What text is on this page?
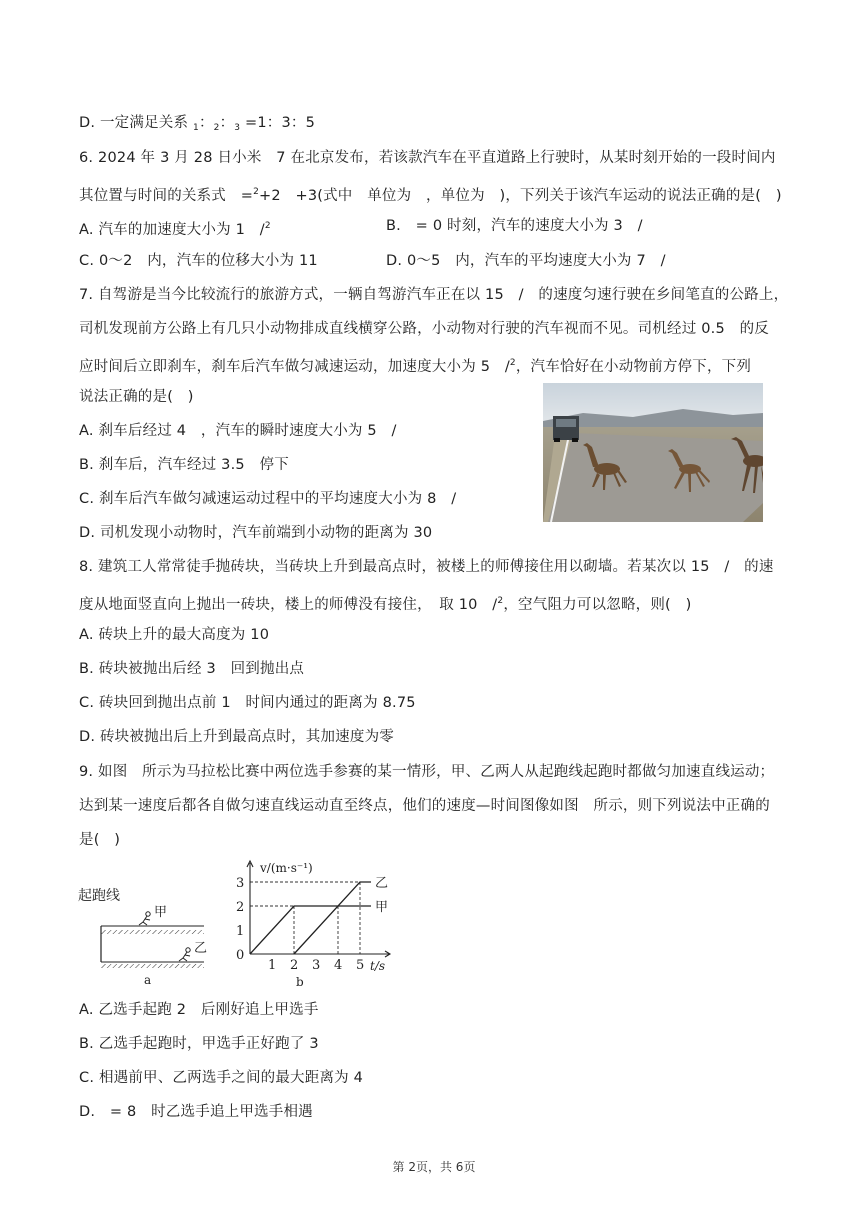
D. 一定满足关系 $_1$：$_2$：$_3$ =1：3：5
6. 2024 年 3 月 28 日小米　7 在北京发布，若该款汽车在平直道路上行驶时，从某时刻开始的一段时间内
其位置与时间的关系式　=$^2$+2　+3(式中　单位为　，单位为　)，下列关于该汽车运动的说法正确的是(　)
A. 汽车的加速度大小为 1　/$^2$	B.　= 0 时刻，汽车的速度大小为 3　/
C. 0～2　内，汽车的位移大小为 11	D. 0～5　内，汽车的平均速度大小为 7　/
7. 自驾游是当今比较流行的旅游方式，一辆自驾游汽车正在以 15　/　的速度匀速行驶在乡间笔直的公路上，
司机发现前方公路上有几只小动物排成直线横穿公路，小动物对行驶的汽车视而不见。司机经过 0.5　的反
应时间后立即刹车，刹车后汽车做匀减速运动，加速度大小为 5　/$^2$，汽车恰好在小动物前方停下，下列
说法正确的是(　)
A. 刹车后经过 4　，汽车的瞬时速度大小为 5　/
B. 刹车后，汽车经过 3.5　停下
C. 刹车后汽车做匀减速运动过程中的平均速度大小为 8　/
D. 司机发现小动物时，汽车前端到小动物的距离为 30
8. 建筑工人常常徒手抛砖块，当砖块上升到最高点时，被楼上的师傅接住用以砌墙。若某次以 15　/　的速
度从地面竖直向上抛出一砖块，楼上的师傅没有接住，　取 10　/$^2$，空气阻力可以忽略，则(　)
A. 砖块上升的最大高度为 10
B. 砖块被抛出后经 3　回到抛出点
C. 砖块回到抛出点前 1　时间内通过的距离为 8.75
D. 砖块被抛出后上升到最高点时，其加速度为零
9. 如图　所示为马拉松比赛中两位选手参赛的某一情形，甲、乙两人从起跑线起跑时都做匀加速直线运动；
达到某一速度后都各自做匀速直线运动直至终点，他们的速度—时间图像如图　所示，则下列说法中正确的
是(　)
起跑线
甲
乙
a
甲
乙
1 2 3 4 5
0
1
2
3
v/(m·s⁻¹)
t/s
b
A. 乙选手起跑 2　后刚好追上甲选手
B. 乙选手起跑时，甲选手正好跑了 3
C. 相遇前甲、乙两选手之间的最大距离为 4
D.　= 8　时乙选手追上甲选手相遇
第 2页，共 6页
